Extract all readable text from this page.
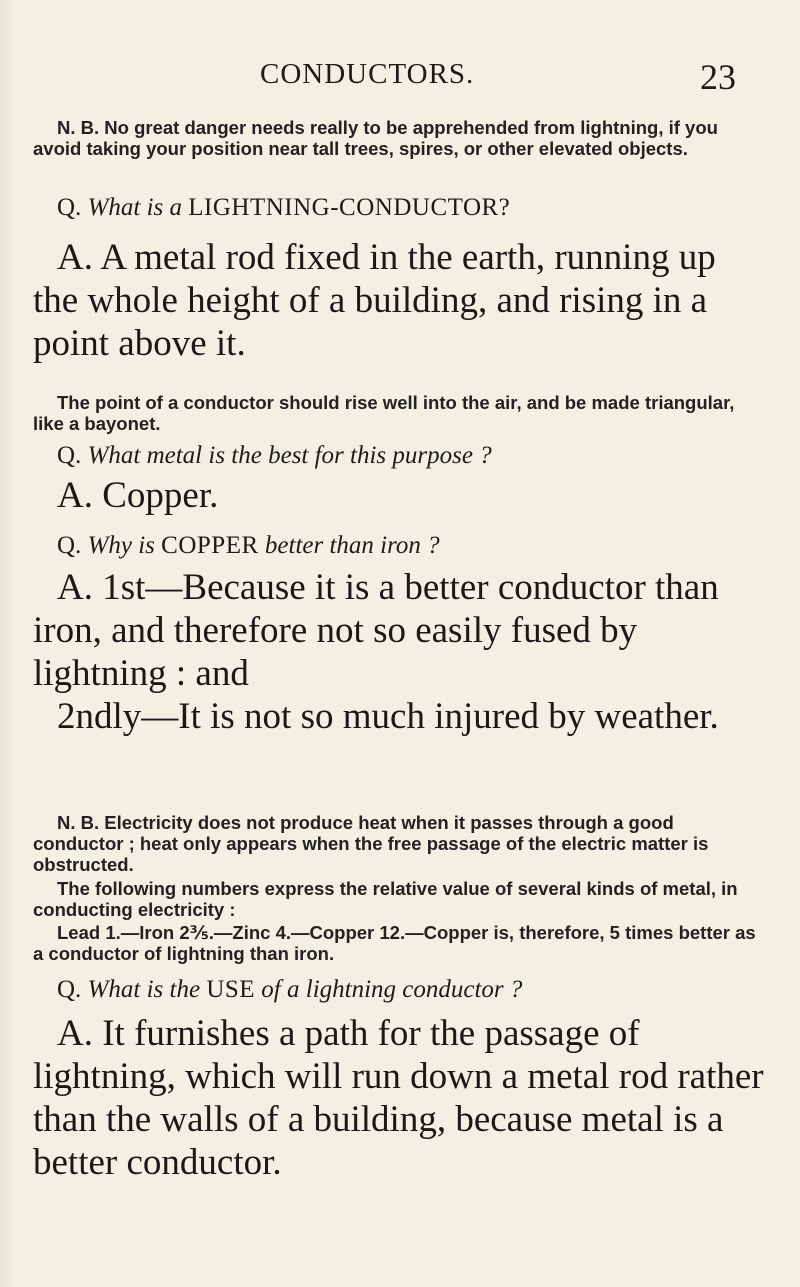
CONDUCTORS.	23

N. B. No great danger needs really to be apprehended from lightning, if you avoid taking your position near tall trees, spires, or other elevated objects.

Q. What is a LIGHTNING-CONDUCTOR?

A. A metal rod fixed in the earth, running up the whole height of a building, and rising in a point above it.

The point of a conductor should rise well into the air, and be made triangular, like a bayonet.

Q. What metal is the best for this purpose ?

A. Copper.

Q. Why is COPPER better than iron ?

A. 1st—Because it is a better conductor than iron, and therefore not so easily fused by lightning : and

2ndly—It is not so much injured by weather.

N. B. Electricity does not produce heat when it passes through a good conductor ; heat only appears when the free passage of the electric matter is obstructed.

The following numbers express the relative value of several kinds of metal, in conducting electricity :

Lead 1.—Iron 2⅗.—Zinc 4.—Copper 12.—Copper is, therefore, 5 times better as a conductor of lightning than iron.

Q. What is the USE of a lightning conductor ?

A. It furnishes a path for the passage of lightning, which will run down a metal rod rather than the walls of a building, because metal is a better conductor.
